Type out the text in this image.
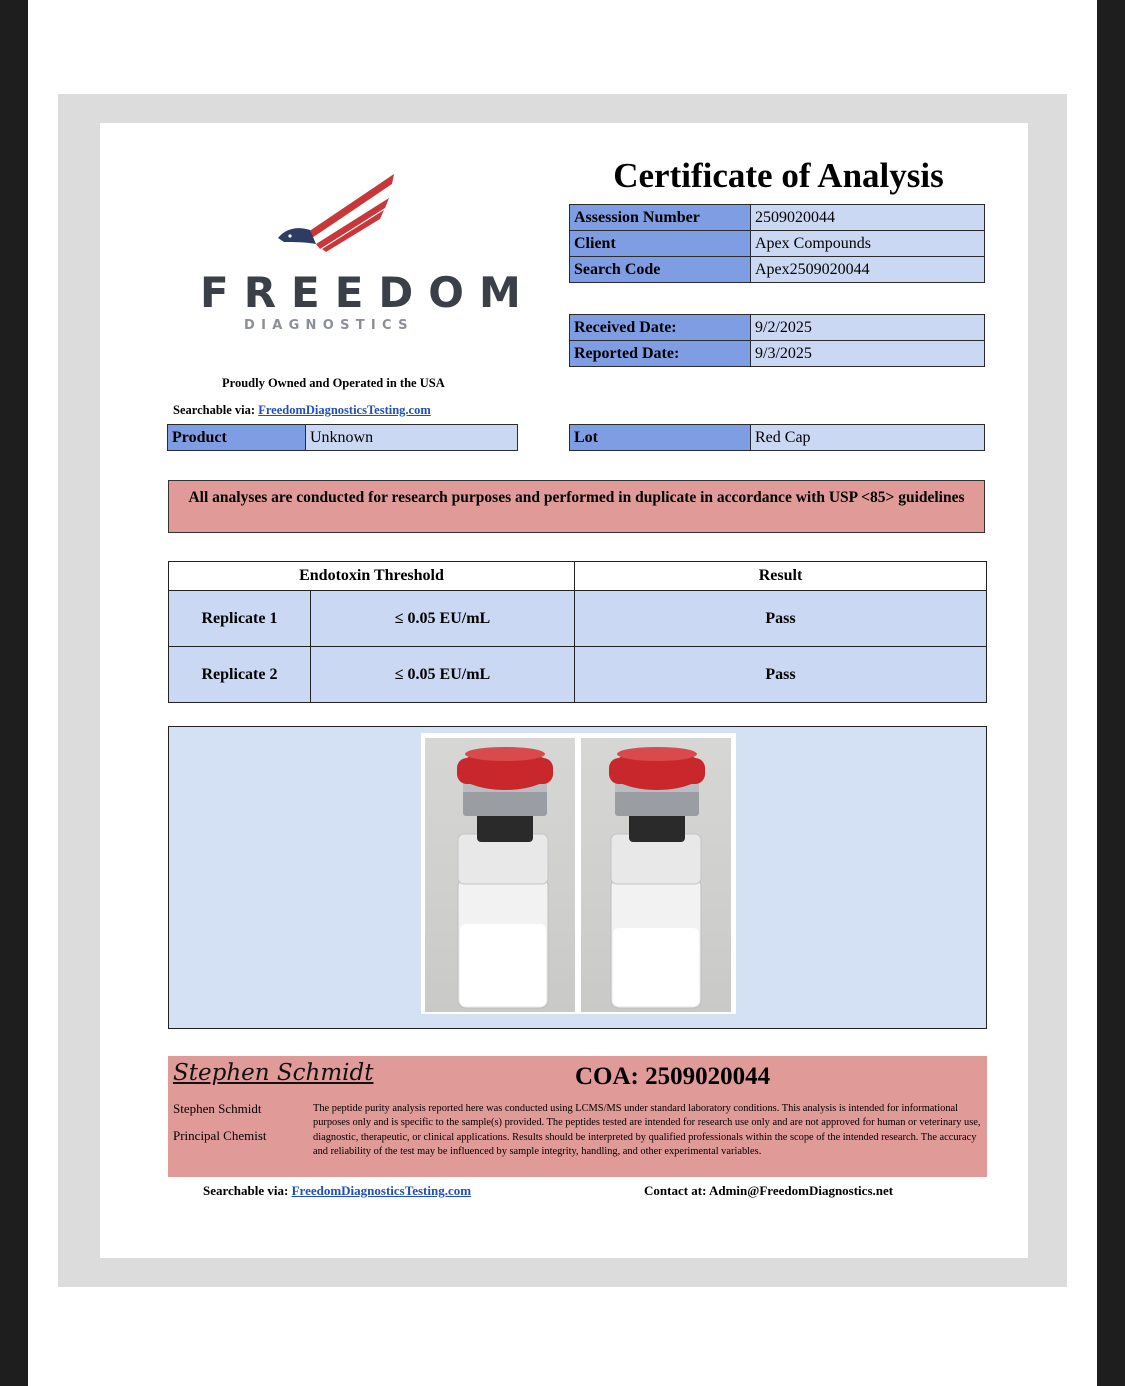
FREEDOM
DIAGNOSTICS
Proudly Owned and Operated in the USA
Searchable via: FreedomDiagnosticsTesting.com
Certificate of Analysis
Assession Number	2509020044
Client	Apex Compounds
Search Code	Apex2509020044
Received Date:	9/2/2025
Reported Date:	9/3/2025
Product	Unknown	Lot	Red Cap
All analyses are conducted for research purposes and performed in duplicate in accordance with USP <85> guidelines
Endotoxin Threshold		Result
Replicate 1	≤ 0.05 EU/mL	Pass
Replicate 2	≤ 0.05 EU/mL	Pass
Stephen Schmidt	COA: 2509020044
Stephen Schmidt
Principal Chemist
The peptide purity analysis reported here was conducted using LCMS/MS under standard laboratory conditions. This analysis is intended for informational purposes only and is specific to the sample(s) provided. The peptides tested are intended for research use only and are not approved for human or veterinary use, diagnostic, therapeutic, or clinical applications. Results should be interpreted by qualified professionals within the scope of the intended research. The accuracy and reliability of the test may be influenced by sample integrity, handling, and other experimental variables.
Searchable via: FreedomDiagnosticsTesting.com	Contact at: Admin@FreedomDiagnostics.net
